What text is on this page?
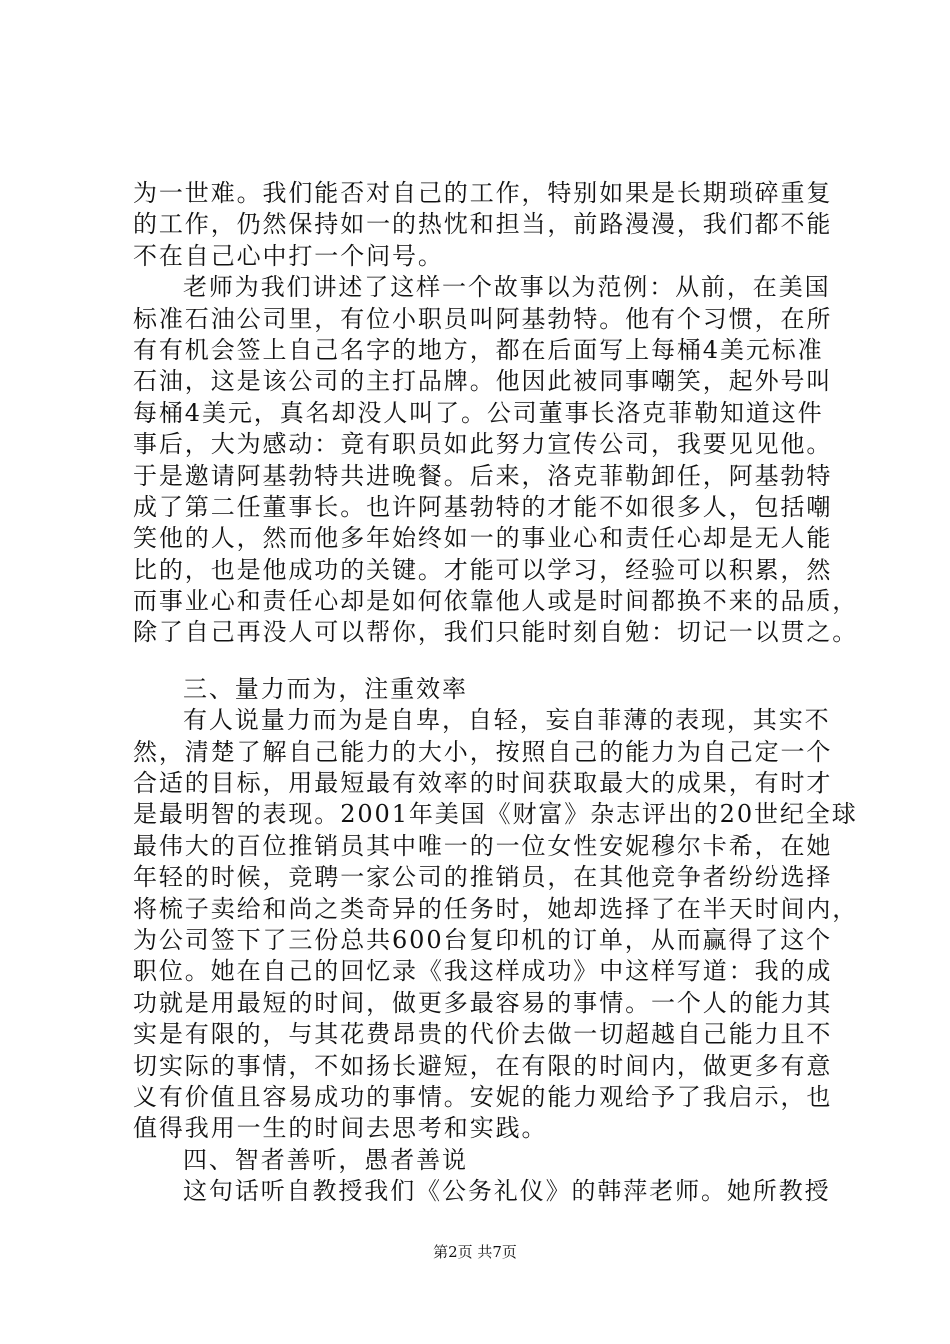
为一世难。我们能否对自己的工作，特别如果是长期琐碎重复
的工作，仍然保持如一的热忱和担当，前路漫漫，我们都不能
不在自己心中打一个问号。
老师为我们讲述了这样一个故事以为范例：从前，在美国
标准石油公司里，有位小职员叫阿基勃特。他有个习惯，在所
有有机会签上自己名字的地方，都在后面写上每桶4美元标准
石油，这是该公司的主打品牌。他因此被同事嘲笑，起外号叫
每桶4美元，真名却没人叫了。公司董事长洛克菲勒知道这件
事后，大为感动：竟有职员如此努力宣传公司，我要见见他。
于是邀请阿基勃特共进晚餐。后来，洛克菲勒卸任，阿基勃特
成了第二任董事长。也许阿基勃特的才能不如很多人，包括嘲
笑他的人，然而他多年始终如一的事业心和责任心却是无人能
比的，也是他成功的关键。才能可以学习，经验可以积累，然
而事业心和责任心却是如何依靠他人或是时间都换不来的品质，
除了自己再没人可以帮你，我们只能时刻自勉：切记一以贯之。
三、量力而为，注重效率
有人说量力而为是自卑，自轻，妄自菲薄的表现，其实不
然，清楚了解自己能力的大小，按照自己的能力为自己定一个
合适的目标，用最短最有效率的时间获取最大的成果，有时才
是最明智的表现。2001年美国《财富》杂志评出的20世纪全球
最伟大的百位推销员其中唯一的一位女性安妮穆尔卡希，在她
年轻的时候，竞聘一家公司的推销员，在其他竞争者纷纷选择
将梳子卖给和尚之类奇异的任务时，她却选择了在半天时间内，
为公司签下了三份总共600台复印机的订单，从而赢得了这个
职位。她在自己的回忆录《我这样成功》中这样写道：我的成
功就是用最短的时间，做更多最容易的事情。一个人的能力其
实是有限的，与其花费昂贵的代价去做一切超越自己能力且不
切实际的事情，不如扬长避短，在有限的时间内，做更多有意
义有价值且容易成功的事情。安妮的能力观给予了我启示，也
值得我用一生的时间去思考和实践。
四、智者善听，愚者善说
这句话听自教授我们《公务礼仪》的韩萍老师。她所教授
第2页 共7页
